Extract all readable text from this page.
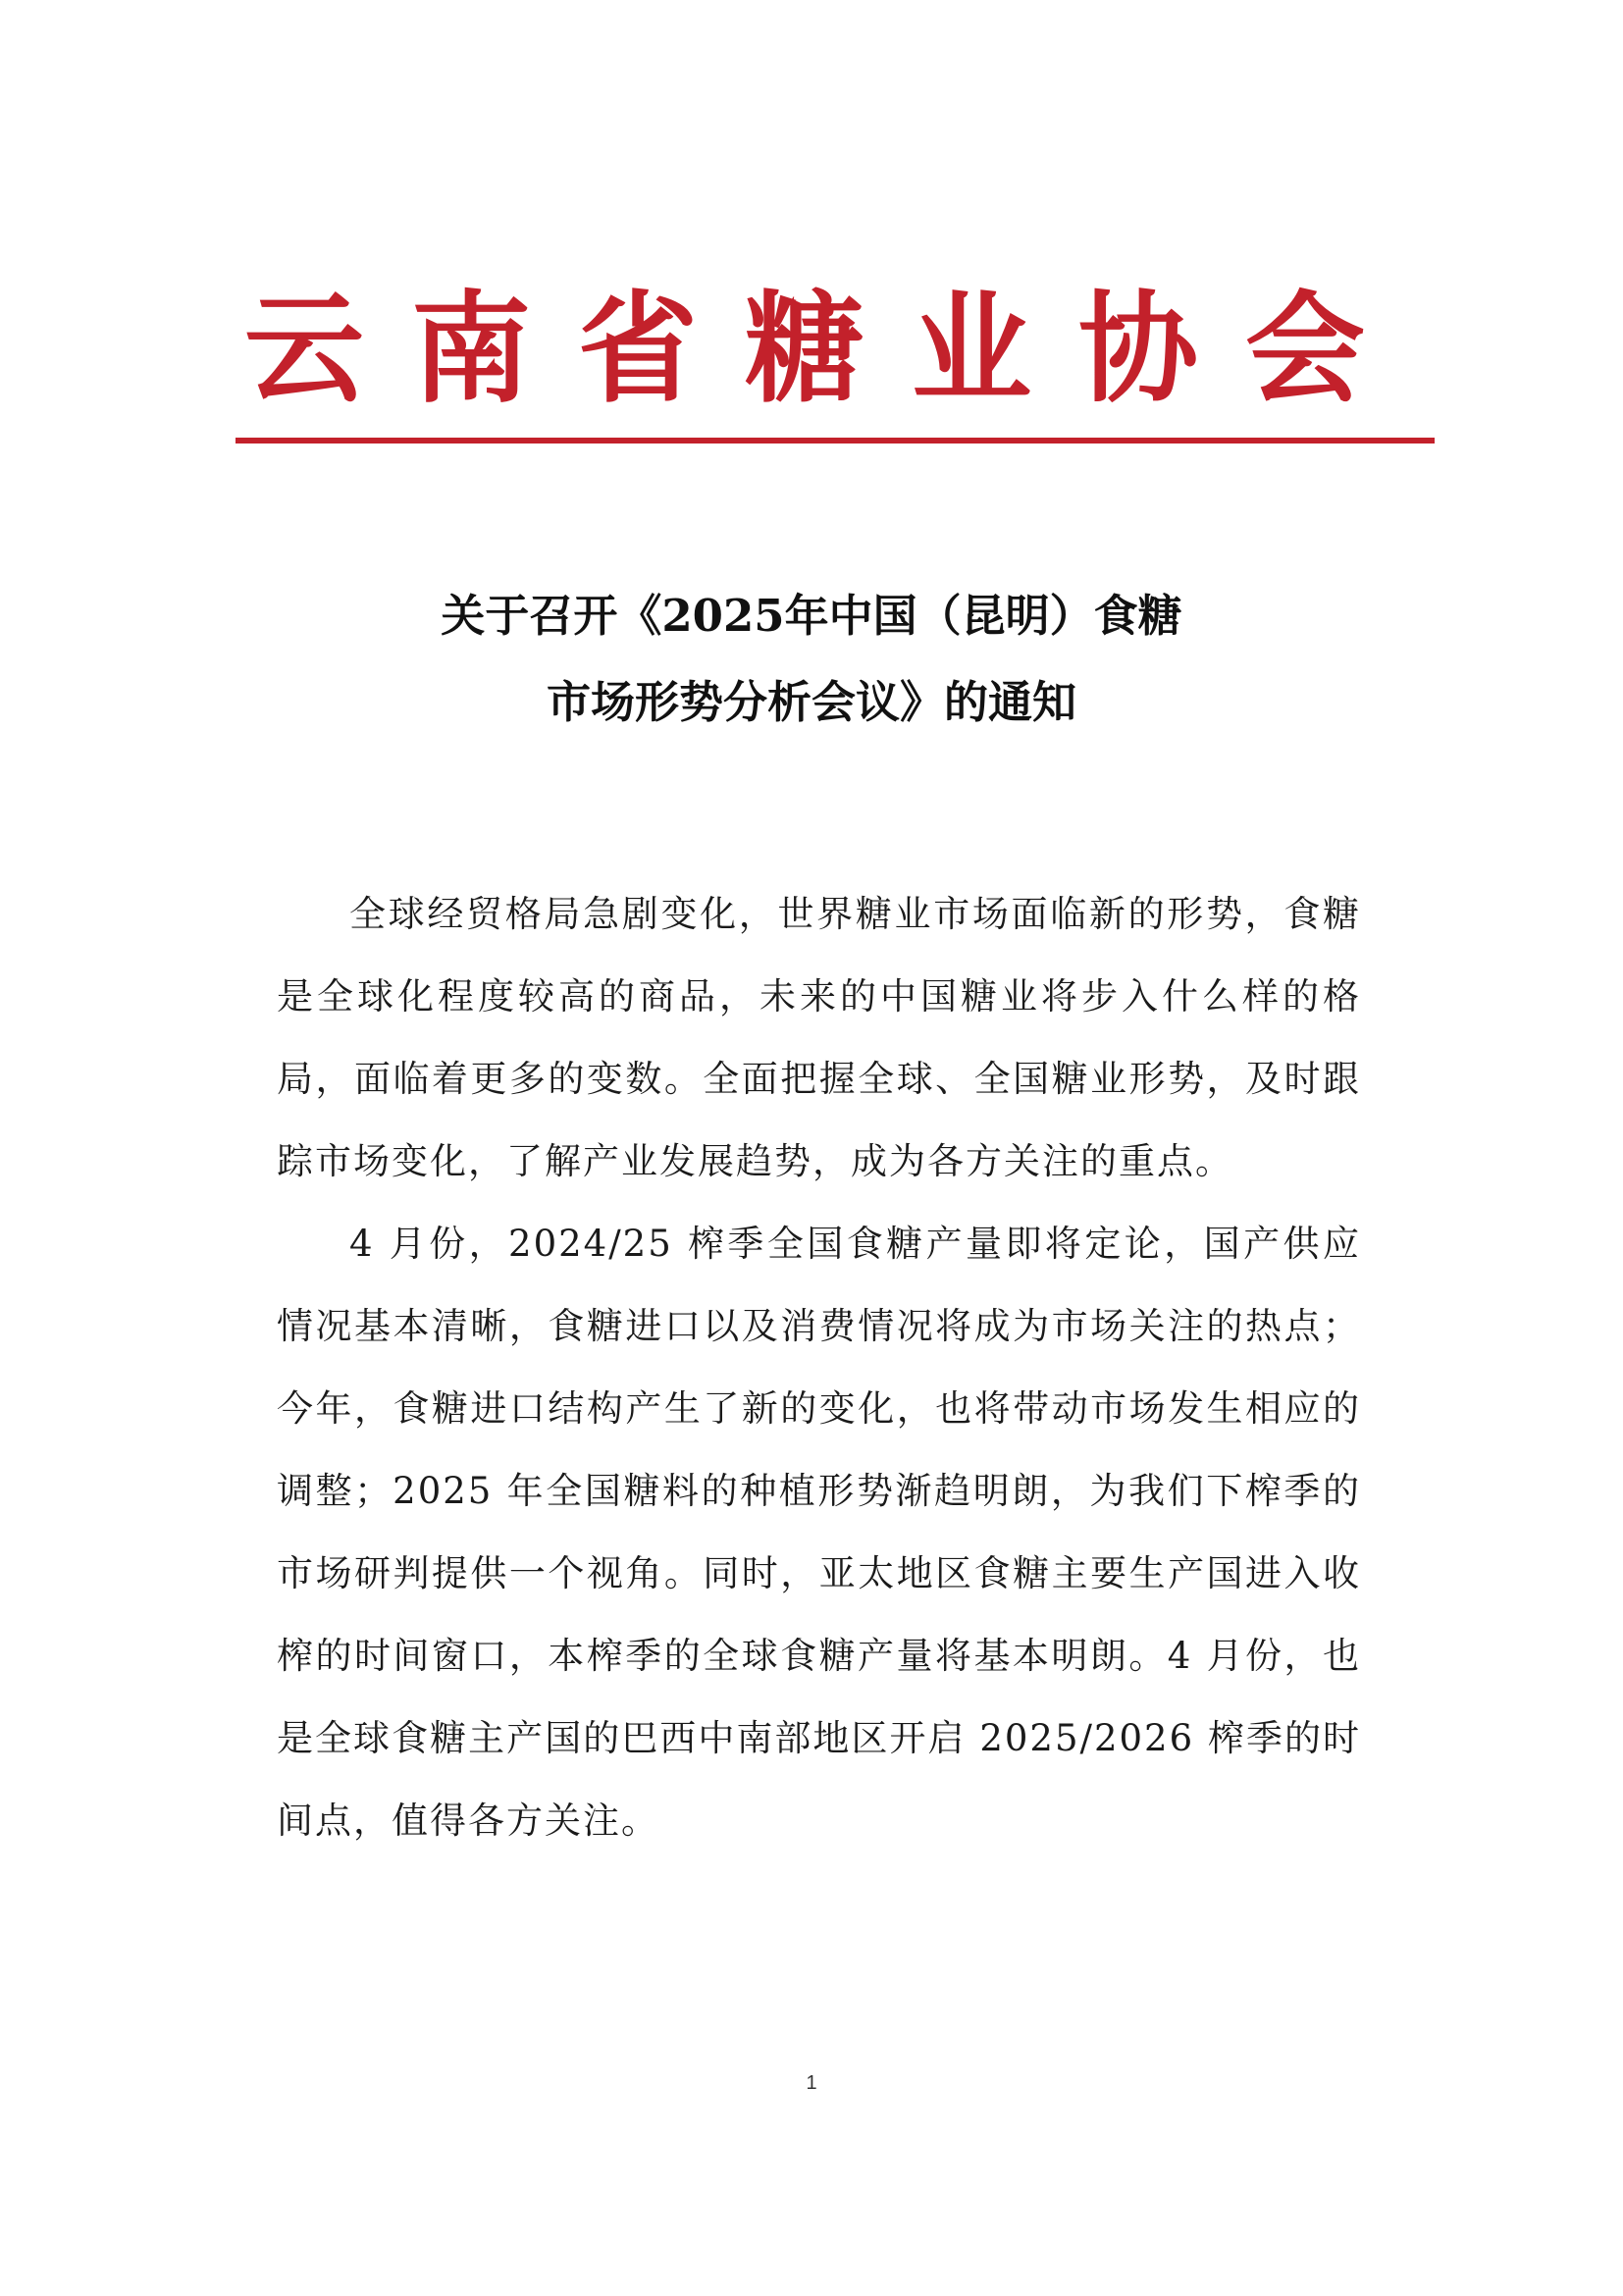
云 南 省 糖 业 协 会
关于召开《2025年中国（昆明）食糖
市场形势分析会议》的通知

全球经贸格局急剧变化，世界糖业市场面临新的形势，食糖是全球化程度较高的商品，未来的中国糖业将步入什么样的格局，面临着更多的变数。全面把握全球、全国糖业形势，及时跟踪市场变化，了解产业发展趋势，成为各方关注的重点。

4 月份，2024/25 榨季全国食糖产量即将定论，国产供应情况基本清晰，食糖进口以及消费情况将成为市场关注的热点；今年，食糖进口结构产生了新的变化，也将带动市场发生相应的调整；2025 年全国糖料的种植形势渐趋明朗，为我们下榨季的市场研判提供一个视角。同时，亚太地区食糖主要生产国进入收榨的时间窗口，本榨季的全球食糖产量将基本明朗。4 月份，也是全球食糖主产国的巴西中南部地区开启 2025/2026 榨季的时间点，值得各方关注。

1
